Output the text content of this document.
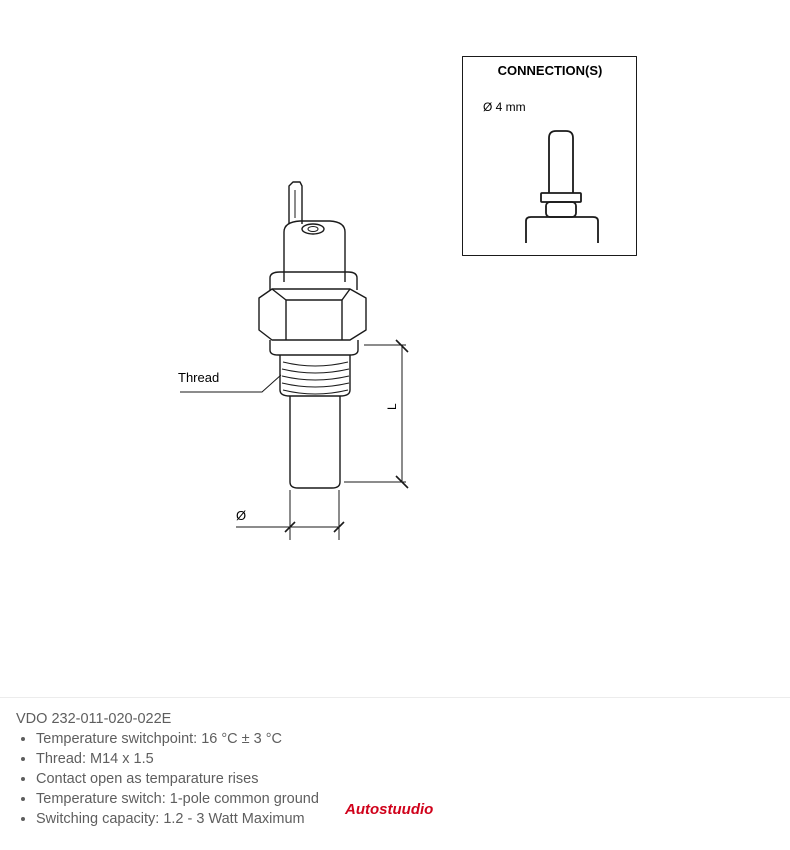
CONNECTION(S)
Ø 4 mm
Thread
L
Ø

VDO 232-011-020-022E

• Temperature switchpoint: 16 °C ± 3 °C
• Thread: M14 x 1.5
• Contact open as temparature rises
• Temperature switch: 1-pole common ground
• Switching capacity: 1.2 - 3 Watt Maximum
Autostuudio
